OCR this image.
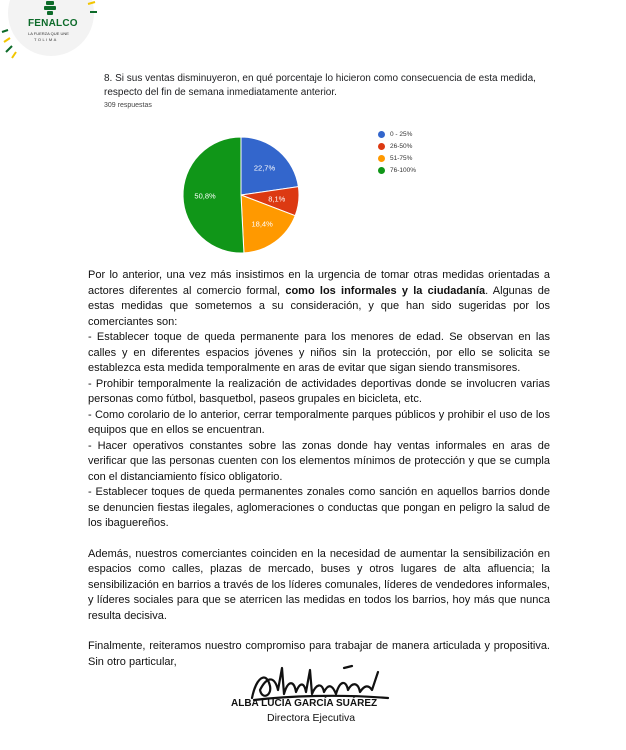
FENALCO
LA FUERZA QUE UNE
TOLIMA
8. Si sus ventas disminuyeron, en qué porcentaje lo hicieron como consecuencia de esta medida, respecto del fin de semana inmediatamente anterior.
309 respuestas
22,7%
8,1%
18,4%
50,8%
0 - 25%
26-50%
51-75%
76-100%

Por lo anterior, una vez más insistimos en la urgencia de tomar otras medidas orientadas a actores diferentes al comercio formal, como los informales y la ciudadanía. Algunas de estas medidas que sometemos a su consideración, y que han sido sugeridas por los comerciantes son:

- Establecer toque de queda permanente para los menores de edad. Se observan en las calles y en diferentes espacios jóvenes y niños sin la protección, por ello se solicita se establezca esta medida temporalmente en aras de evitar que sigan siendo transmisores.

- Prohibir temporalmente la realización de actividades deportivas donde se involucren varias personas como fútbol, basquetbol, paseos grupales en bicicleta, etc.

- Como corolario de lo anterior, cerrar temporalmente parques públicos y prohibir el uso de los equipos que en ellos se encuentran.

- Hacer operativos constantes sobre las zonas donde hay ventas informales en aras de verificar que las personas cuenten con los elementos mínimos de protección y que se cumpla con el distanciamiento físico obligatorio.

- Establecer toques de queda permanentes zonales como sanción en aquellos barrios donde se denuncien fiestas ilegales, aglomeraciones o conductas que pongan en peligro la salud de los ibaguereños.

Además, nuestros comerciantes coinciden en la necesidad de aumentar la sensibilización en espacios como calles, plazas de mercado, buses y otros lugares de alta afluencia; la sensibilización en barrios a través de los líderes comunales, líderes de vendedores informales, y líderes sociales para que se aterricen las medidas en todos los barrios, hoy más que nunca resulta decisiva.

Finalmente, reiteramos nuestro compromiso para trabajar de manera articulada y propositiva. Sin otro particular,

ALBA LUCÍA GARCÍA SUÁREZ
Directora Ejecutiva
